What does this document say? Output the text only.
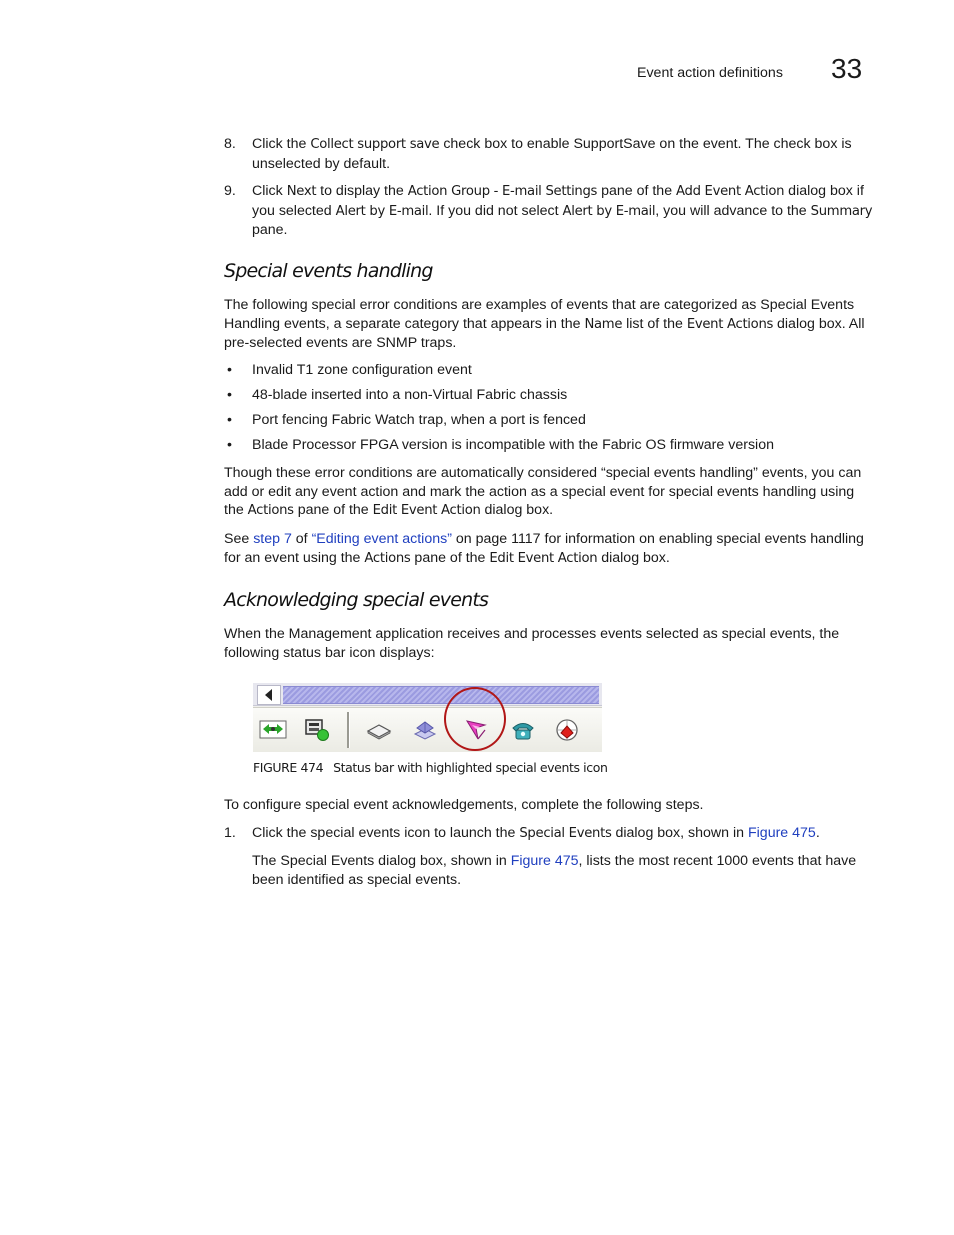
Event action definitions 33
8. Click the Collect support save check box to enable SupportSave on the event. The check box is unselected by default.
9. Click Next to display the Action Group - E-mail Settings pane of the Add Event Action dialog box if you selected Alert by E-mail. If you did not select Alert by E-mail, you will advance to the Summary pane.
Special events handling
The following special error conditions are examples of events that are categorized as Special Events Handling events, a separate category that appears in the Name list of the Event Actions dialog box. All pre-selected events are SNMP traps.
• Invalid T1 zone configuration event
• 48-blade inserted into a non-Virtual Fabric chassis
• Port fencing Fabric Watch trap, when a port is fenced
• Blade Processor FPGA version is incompatible with the Fabric OS firmware version
Though these error conditions are automatically considered “special events handling” events, you can add or edit any event action and mark the action as a special event for special events handling using the Actions pane of the Edit Event Action dialog box.
See step 7 of “Editing event actions” on page 1117 for information on enabling special events handling for an event using the Actions pane of the Edit Event Action dialog box.
Acknowledging special events
When the Management application receives and processes events selected as special events, the following status bar icon displays:
FIGURE 474 Status bar with highlighted special events icon
To configure special event acknowledgements, complete the following steps.
1. Click the special events icon to launch the Special Events dialog box, shown in Figure 475.
The Special Events dialog box, shown in Figure 475, lists the most recent 1000 events that have been identified as special events.
